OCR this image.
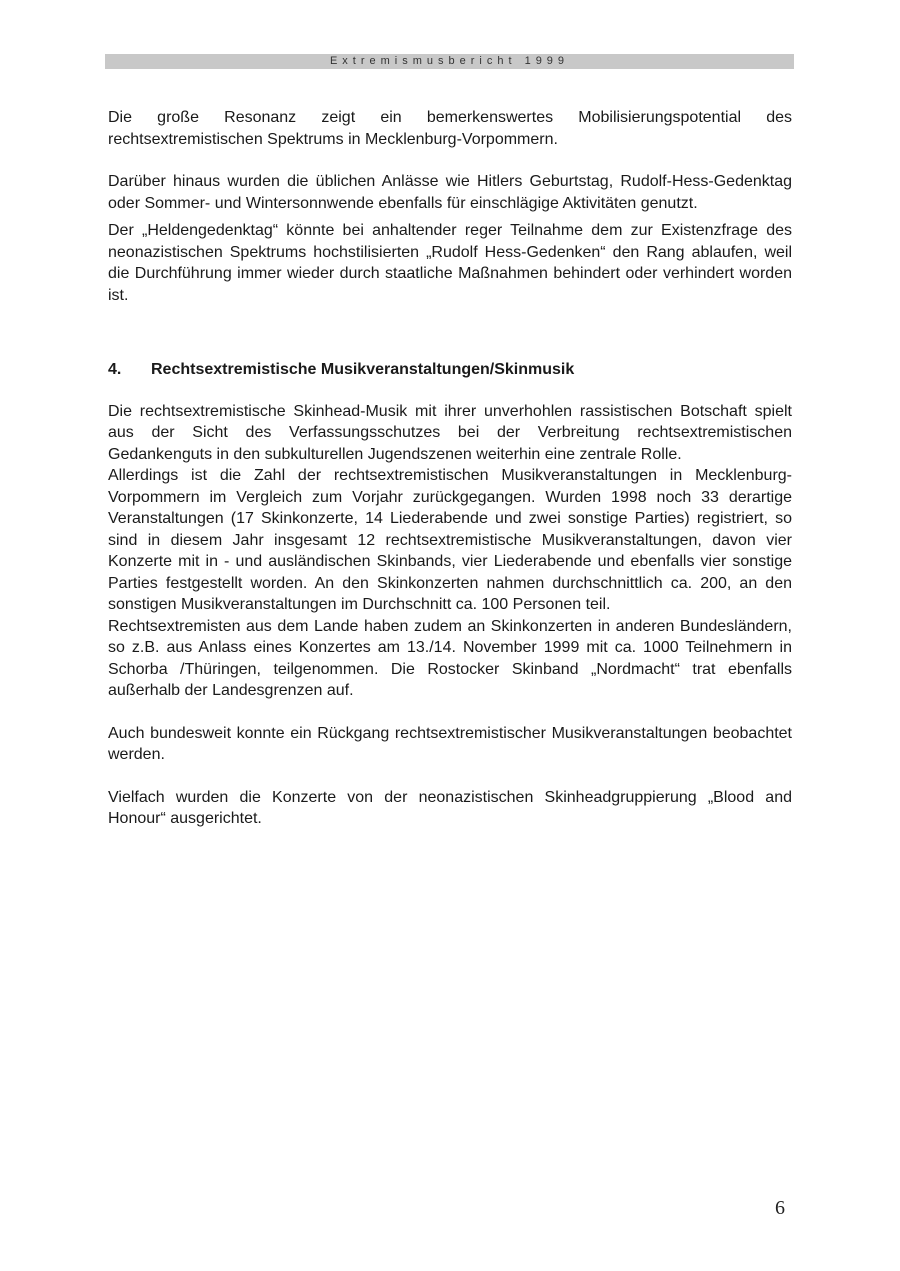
Extremismusbericht 1999

Die große Resonanz zeigt ein bemerkenswertes Mobilisierungspotential des rechtsextremistischen Spektrums in Mecklenburg-Vorpommern.

Darüber hinaus wurden die üblichen Anlässe wie Hitlers Geburtstag, Rudolf-Hess-Gedenktag oder Sommer- und Wintersonnwende ebenfalls für einschlägige Aktivitäten genutzt.

Der „Heldengedenktag“ könnte bei anhaltender reger Teilnahme dem zur Existenzfrage des neonazistischen Spektrums hochstilisierten „Rudolf Hess-Gedenken“ den Rang ablaufen, weil die Durchführung immer wieder durch staatliche Maßnahmen behindert oder verhindert worden ist.

4. Rechtsextremistische Musikveranstaltungen/Skinmusik

Die rechtsextremistische Skinhead-Musik mit ihrer unverhohlen rassistischen Botschaft spielt aus der Sicht des Verfassungsschutzes bei der Verbreitung rechtsextremistischen Gedankenguts in den subkulturellen Jugendszenen weiterhin eine zentrale Rolle.

Allerdings ist die Zahl der rechtsextremistischen Musikveranstaltungen in Mecklenburg-Vorpommern im Vergleich zum Vorjahr zurückgegangen. Wurden 1998 noch 33 derartige Veranstaltungen (17 Skinkonzerte, 14 Liederabende und zwei sonstige Parties) registriert, so sind in diesem Jahr insgesamt 12 rechtsextremistische Musikveranstaltungen, davon vier Konzerte mit in - und ausländischen Skinbands, vier Liederabende und ebenfalls vier sonstige Parties festgestellt worden. An den Skinkonzerten nahmen durchschnittlich ca. 200, an den sonstigen Musikveranstaltungen im Durchschnitt ca. 100 Personen teil.

Rechtsextremisten aus dem Lande haben zudem an Skinkonzerten in anderen Bundesländern, so z.B. aus Anlass eines Konzertes am 13./14. November 1999 mit ca. 1000 Teilnehmern in Schorba /Thüringen, teilgenommen. Die Rostocker Skinband „Nordmacht“ trat ebenfalls außerhalb der Landesgrenzen auf.

Auch bundesweit konnte ein Rückgang rechtsextremistischer Musikveranstaltungen beobachtet werden.

Vielfach wurden die Konzerte von der neonazistischen Skinheadgruppierung „Blood and Honour“ ausgerichtet.

6
